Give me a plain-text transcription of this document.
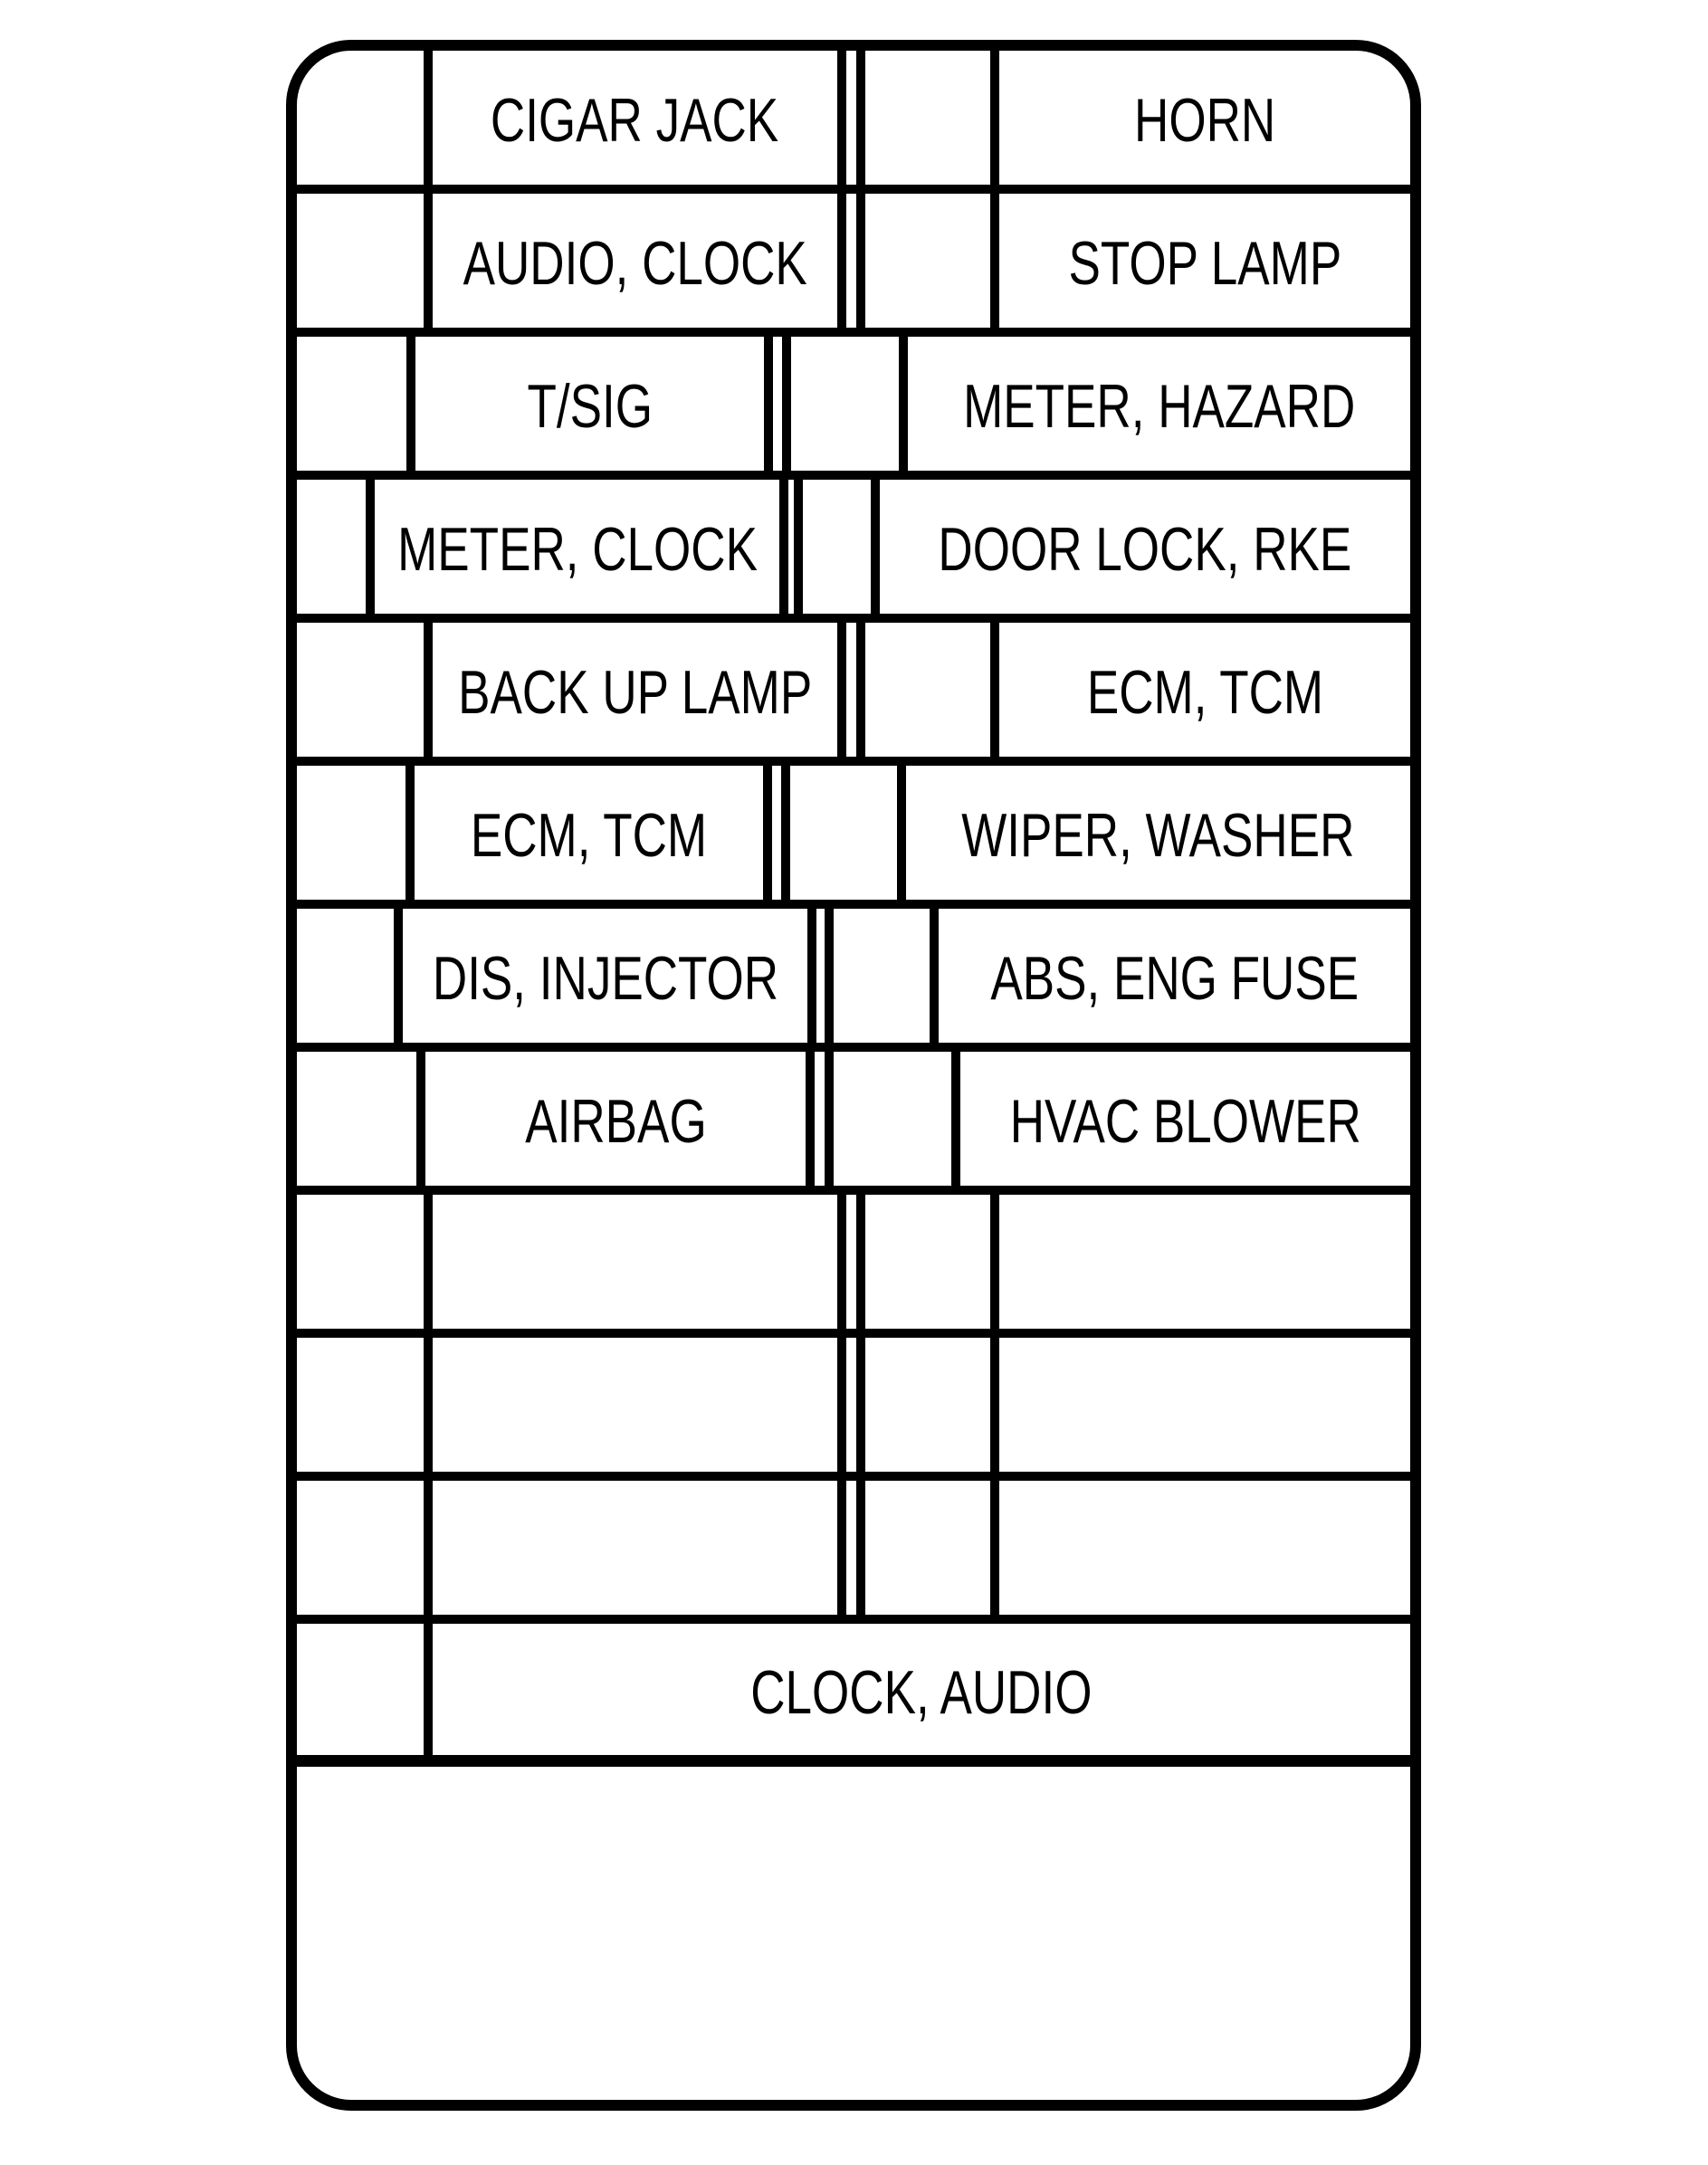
CIGAR JACK	HORN
AUDIO, CLOCK	STOP LAMP
T/SIG	METER, HAZARD
METER, CLOCK	DOOR LOCK, RKE
BACK UP LAMP	ECM, TCM
ECM, TCM	WIPER, WASHER
DIS, INJECTOR	ABS, ENG FUSE
AIRBAG	HVAC BLOWER
CLOCK, AUDIO
